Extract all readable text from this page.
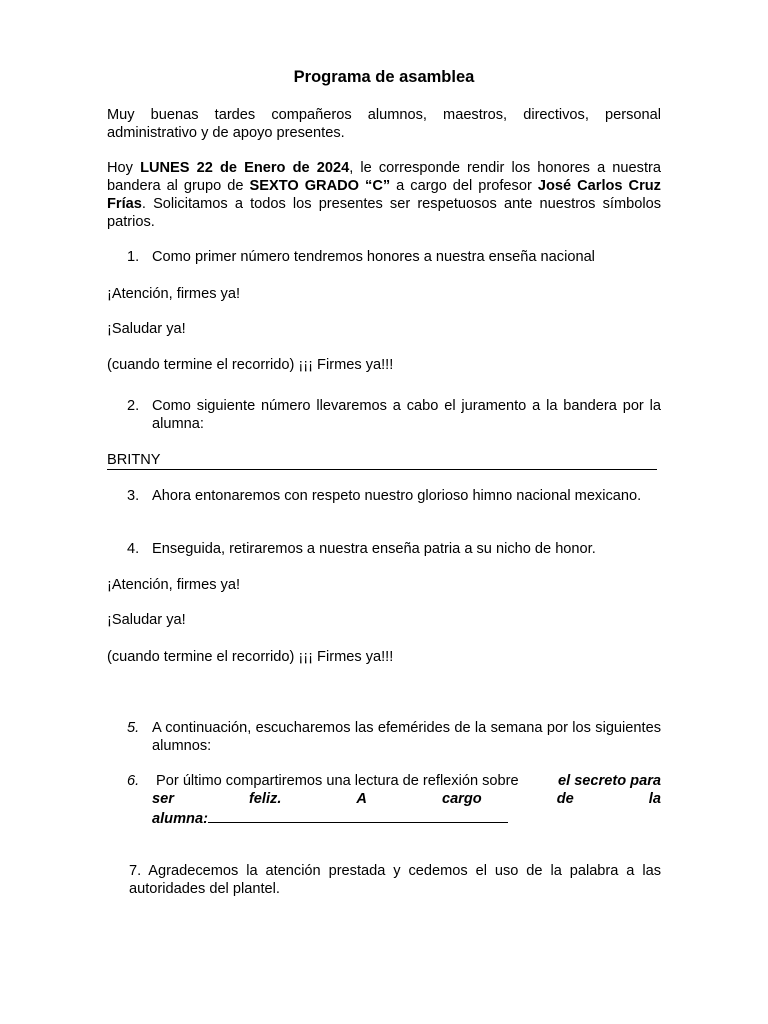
Programa de asamblea

Muy buenas tardes compañeros alumnos, maestros, directivos, personal administrativo y de apoyo presentes.

Hoy LUNES 22 de Enero de 2024, le corresponde rendir los honores a nuestra bandera al grupo de SEXTO GRADO “C” a cargo del profesor José Carlos Cruz Frías. Solicitamos a todos los presentes ser respetuosos ante nuestros símbolos patrios.

1. Como primer número tendremos honores a nuestra enseña nacional

¡Atención, firmes ya!

¡Saludar ya!

(cuando termine el recorrido) ¡¡¡ Firmes ya!!!

2. Como siguiente número llevaremos a cabo el juramento a la bandera por la alumna:
BRITNY
3. Ahora entonaremos con respeto nuestro glorioso himno nacional mexicano.
4. Enseguida, retiraremos a nuestra enseña patria a su nicho de honor.

¡Atención, firmes ya!

¡Saludar ya!

(cuando termine el recorrido) ¡¡¡ Firmes ya!!!

5. A continuación, escucharemos las efemérides de la semana por los siguientes alumnos:
6. Por último compartiremos una lectura de reflexión sobre el secreto para
ser	feliz.	A	cargo	de	la
alumna:

7. Agradecemos la atención prestada y cedemos el uso de la palabra a las autoridades del plantel.
